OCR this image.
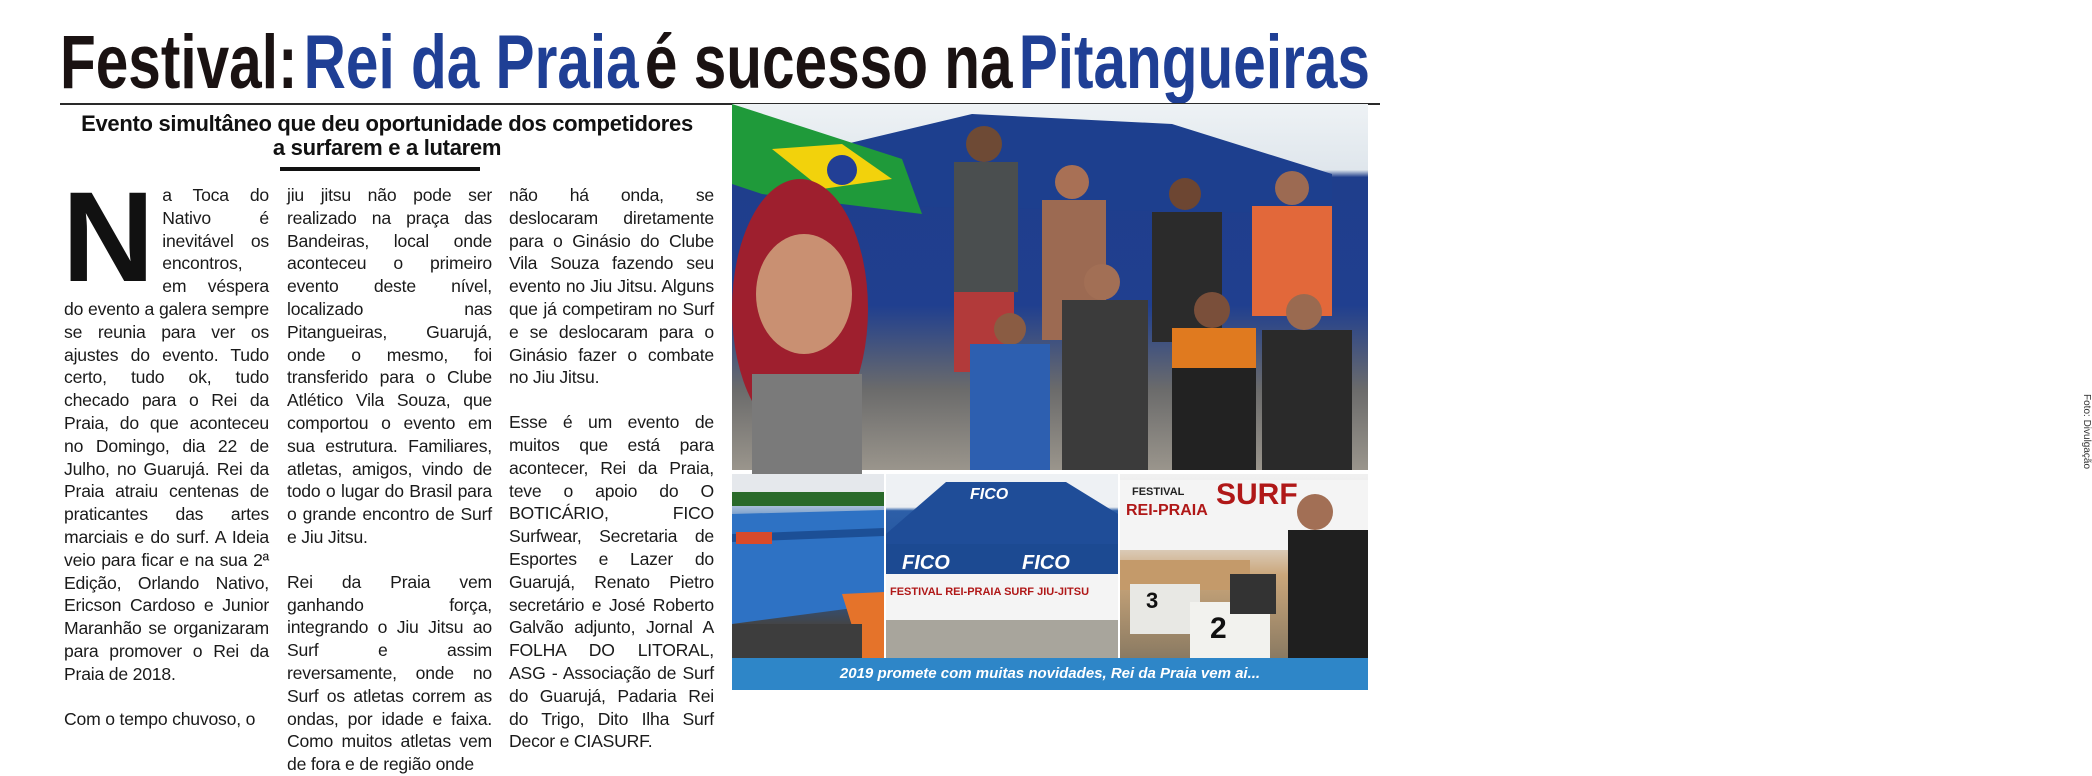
Festival:Rei da Praiaé sucesso naPitangueiras
Evento simultâneo que deu oportunidade dos competidores
a surfarem e a lutarem

Na Toca do Nativo é inevitável os encontros, em véspera do evento a galera sempre se reunia para ver os ajustes do evento. Tudo certo, tudo ok, tudo checado para o Rei da Praia, do que aconteceu no Domingo, dia 22 de Julho, no Guarujá. Rei da Praia atraiu centenas de praticantes das artes marciais e do surf. A Ideia veio para ficar e na sua 2ª Edição, Orlando Nativo, Ericson Cardoso e Junior Maranhão se organizaram para promover o Rei da Praia de 2018.

Com o tempo chuvoso, o

jiu jitsu não pode ser realizado na praça das Bandeiras, local onde aconteceu o primeiro evento deste nível, localizado nas Pitangueiras, Guarujá, onde o mesmo, foi transferido para o Clube Atlético Vila Souza, que comportou o evento em sua estrutura. Familiares, atletas, amigos, vindo de todo o lugar do Brasil para o grande encontro de Surf e Jiu Jitsu.

Rei da Praia vem ganhando força, integrando o Jiu Jitsu ao Surf e assim reversamente, onde no Surf os atletas correm as ondas, por idade e faixa. Como muitos atletas vem de fora e de região onde

não há onda, se deslocaram diretamente para o Ginásio do Clube Vila Souza fazendo seu evento no Jiu Jitsu. Alguns que já competiram no Surf e se deslocaram para o Ginásio fazer o combate no Jiu Jitsu.

Esse é um evento de muitos que está para acontecer, Rei da Praia, teve o apoio do O BOTICÁRIO, FICO Surfwear, Secretaria de Esportes e Lazer do Guarujá, Renato Pietro secretário e José Roberto Galvão adjunto, Jornal A FOLHA DO LITORAL, ASG - Associação de Surf do Guarujá, Padaria Rei do Trigo, Dito Ilha Surf Decor e CIASURF.

Foto: Divulgação
FICO
FICO	FICO
FESTIVAL REI-PRAIA SURF JIU-JITSU
FESTIVAL
REI-PRAIA SURF
3
2
2019 promete com muitas novidades, Rei da Praia vem ai...
